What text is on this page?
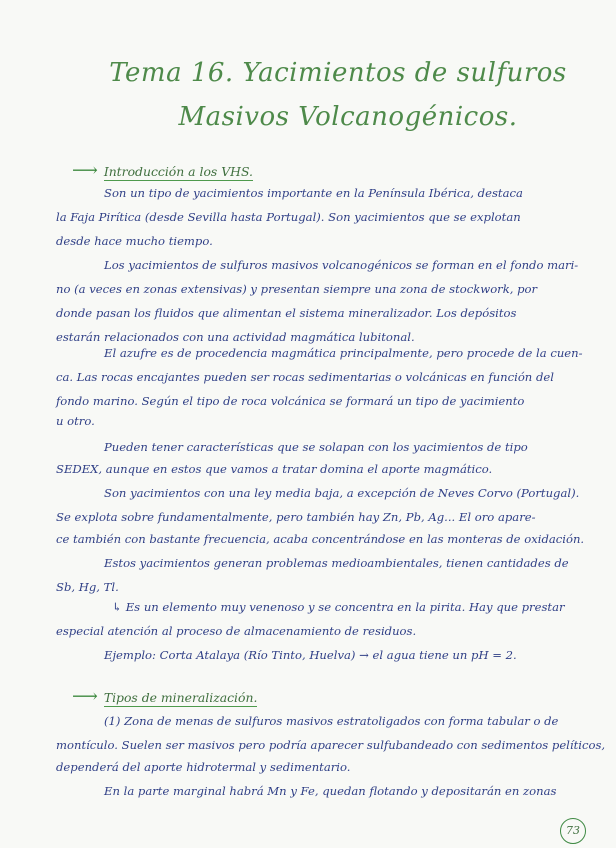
Tema 16. Yacimientos de sulfuros
Masivos Volcanogénicos.
⟶ Introducción a los VHS.
Son un tipo de yacimientos importante en la Península Ibérica, destaca
la Faja Pirítica (desde Sevilla hasta Portugal). Son yacimientos que se explotan
desde hace mucho tiempo.
Los yacimientos de sulfuros masivos volcanogénicos se forman en el fondo mari-
no (a veces en zonas extensivas) y presentan siempre una zona de stockwork, por
donde pasan los fluidos que alimentan el sistema mineralizador. Los depósitos
estarán relacionados con una actividad magmática lubitonal.
El azufre es de procedencia magmática principalmente, pero procede de la cuen-
ca. Las rocas encajantes pueden ser rocas sedimentarias o volcánicas en función del
fondo marino. Según el tipo de roca volcánica se formará un tipo de yacimiento
u otro.
Pueden tener características que se solapan con los yacimientos de tipo
SEDEX, aunque en estos que vamos a tratar domina el aporte magmático.
Son yacimientos con una ley media baja, a excepción de Neves Corvo (Portugal).
Se explota sobre fundamentalmente, pero también hay Zn, Pb, Ag... El oro apare-
ce también con bastante frecuencia, acaba concentrándose en las monteras de oxidación.
Estos yacimientos generan problemas medioambientales, tienen cantidades de
Sb, Hg, Tl.
↳ Es un elemento muy venenoso y se concentra en la pirita. Hay que prestar
especial atención al proceso de almacenamiento de residuos.
Ejemplo: Corta Atalaya (Río Tinto, Huelva) → el agua tiene un pH = 2.
⟶ Tipos de mineralización.
(1) Zona de menas de sulfuros masivos estratoligados con forma tabular o de
montículo. Suelen ser masivos pero podría aparecer sulfubandeado con sedimentos pelíticos,
dependerá del aporte hidrotermal y sedimentario.
En la parte marginal habrá Mn y Fe, quedan flotando y depositarán en zonas
73
